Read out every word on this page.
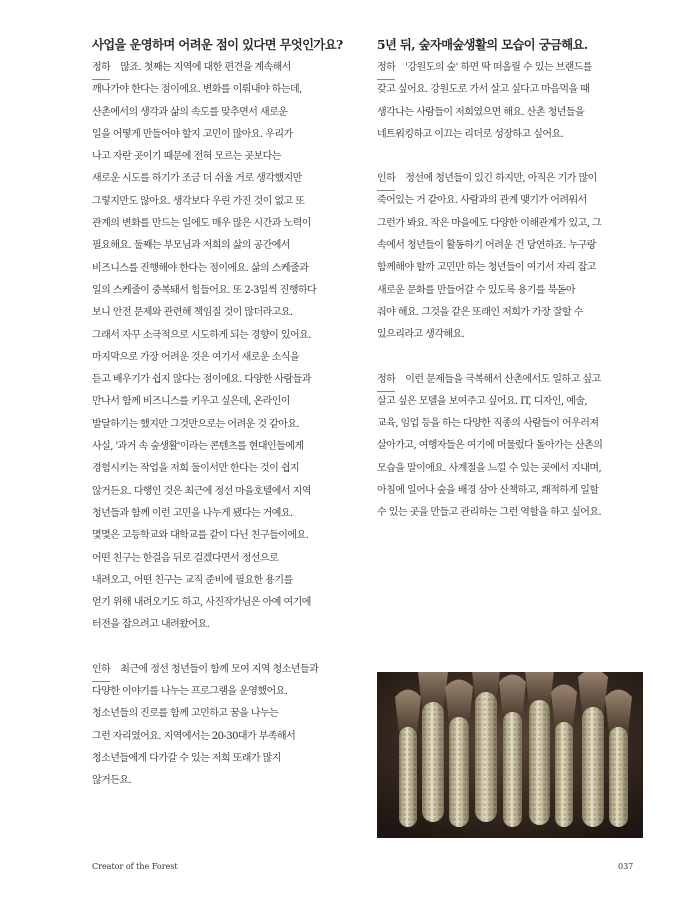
사업을 운영하며 어려운 점이 있다면 무엇인가요?
정하 많죠. 첫째는 지역에 대한 편견을 계속해서
깨나가야 한다는 점이에요. 변화를 이뤄내야 하는데,
산촌에서의 생각과 삶의 속도를 맞추면서 새로운
일을 어떻게 만들어야 할지 고민이 많아요. 우리가
나고 자란 곳이기 때문에 전혀 모르는 곳보다는
새로운 시도를 하기가 조금 더 쉬울 거로 생각했지만
그렇지만도 않아요. 생각보다 우린 가진 것이 없고 또
관계의 변화를 만드는 일에도 매우 많은 시간과 노력이
필요해요. 둘째는 부모님과 저희의 삶의 공간에서
비즈니스를 진행해야 한다는 점이에요. 삶의 스케줄과
일의 스케줄이 중복돼서 힘들어요. 또 2-3일씩 진행하다
보니 안전 문제와 관련해 책임질 것이 많더라고요.
그래서 자꾸 소극적으로 시도하게 되는 경향이 있어요.
마지막으로 가장 어려운 것은 여기서 새로운 소식을
듣고 배우기가 쉽지 않다는 점이에요. 다양한 사람들과
만나서 함께 비즈니스를 키우고 싶은데, 온라인이
발달하기는 했지만 그것만으로는 어려운 것 같아요.
사실, '과거 속 숲생활'이라는 콘텐츠를 현대인들에게
경험시키는 작업을 저희 둘이서만 한다는 것이 쉽지
않거든요. 다행인 것은 최근에 정선 마을호텔에서 지역
청년들과 함께 이런 고민을 나누게 됐다는 거예요.
몇몇은 고등학교와 대학교를 같이 다닌 친구들이에요.
어떤 친구는 한걸음 뒤로 걸겠다면서 정선으로
내려오고, 어떤 친구는 교직 준비에 필요한 용기를
얻기 위해 내려오기도 하고, 사진작가님은 아예 여기에
터전을 잡으려고 내려왔어요.
인하 최근에 정선 청년들이 함께 모여 지역 청소년들과
다양한 이야기를 나누는 프로그램을 운영했어요.
청소년들의 진로를 함께 고민하고 꿈을 나누는
그런 자리였어요. 지역에서는 20-30대가 부족해서
청소년들에게 다가갈 수 있는 저희 또래가 많지
않거든요.
5년 뒤, 숲자매숲생활의 모습이 궁금해요.
정하 '강원도의 숲' 하면 딱 떠올릴 수 있는 브랜드를
갖고 싶어요. 강원도로 가서 살고 싶다고 마음먹을 때
생각나는 사람들이 저희였으면 해요. 산촌 청년들을
네트워킹하고 이끄는 리더로 성장하고 싶어요.
인하 정선에 청년들이 있긴 하지만, 아직은 기가 많이
죽어있는 거 같아요. 사람과의 관계 맺기가 어려워서
그런가 봐요. 작은 마을에도 다양한 이해관계가 있고, 그
속에서 청년들이 활동하기 어려운 건 당연하죠. 누구랑
함께해야 할까 고민만 하는 청년들이 여기서 자리 잡고
새로운 문화를 만들어갈 수 있도록 용기를 북돋아
줘야 해요. 그것을 같은 또래인 저희가 가장 잘할 수
있으리라고 생각해요.
정하 이런 문제들을 극복해서 산촌에서도 일하고 싶고
살고 싶은 모델을 보여주고 싶어요. IT, 디자인, 예술,
교육, 임업 등을 하는 다양한 직종의 사람들이 어우러져
살아가고, 여행자들은 여기에 머물렀다 돌아가는 산촌의
모습을 말이에요. 사계절을 느낄 수 있는 곳에서 지내며,
아침에 일어나 숲을 배경 삼아 산책하고, 쾌적하게 일할
수 있는 곳을 만들고 관리하는 그런 역할을 하고 싶어요.
Creator of the Forest	037
